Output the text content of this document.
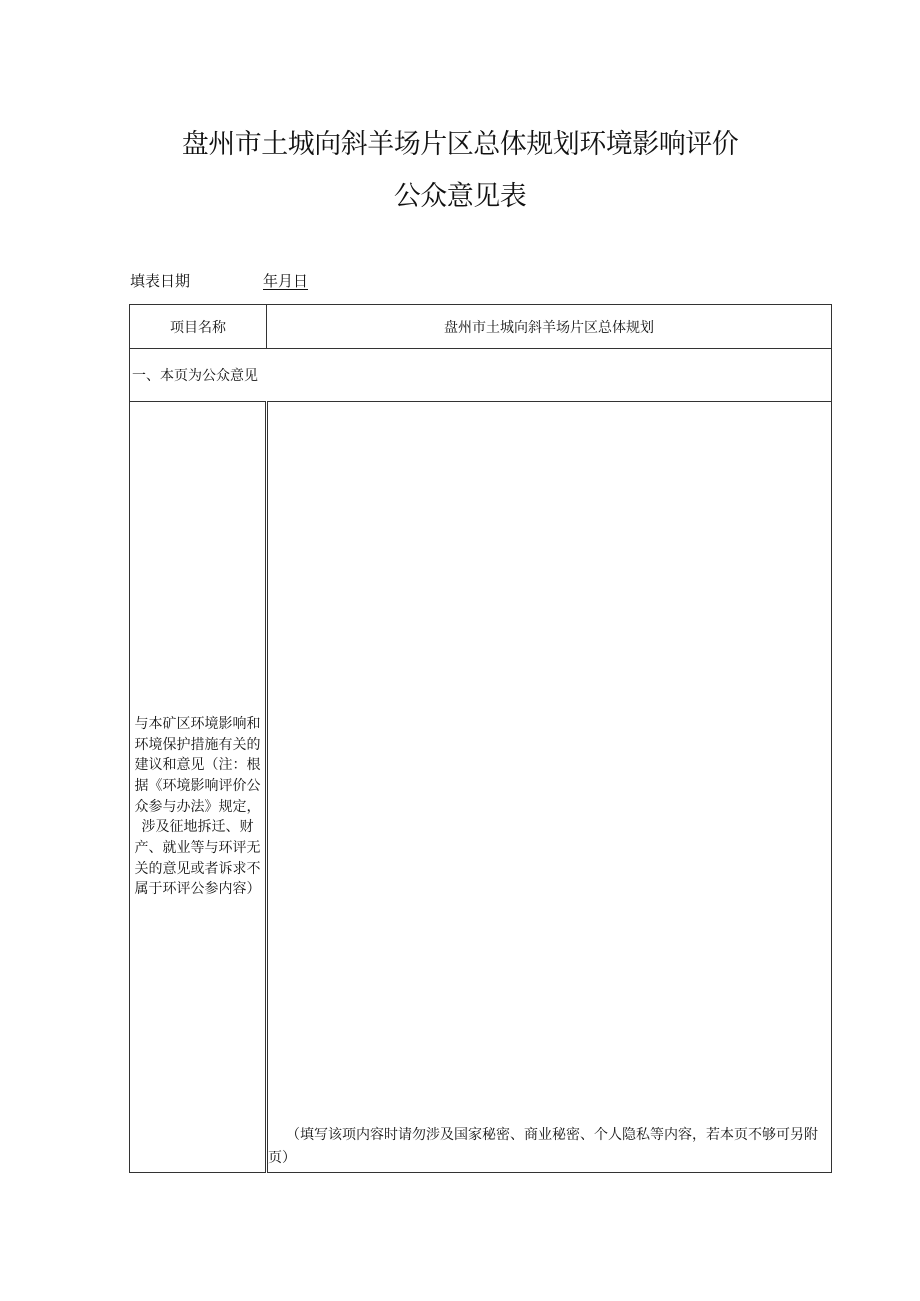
盘州市土城向斜羊场片区总体规划环境影响评价
公众意见表
填表日期	年月日
项目名称	盘州市土城向斜羊场片区总体规划
一、本页为公众意见	

与本矿区环境影响和环境保护措施有关的建议和意见（注：根据《环境影响评价公众参与办法》规定，涉及征地拆迁、财产、就业等与环评无关的意见或者诉求不属于环评公参内容）	（填写该项内容时请勿涉及国家秘密、商业秘密、个人隐私等内容，若本页不够可另附页）
